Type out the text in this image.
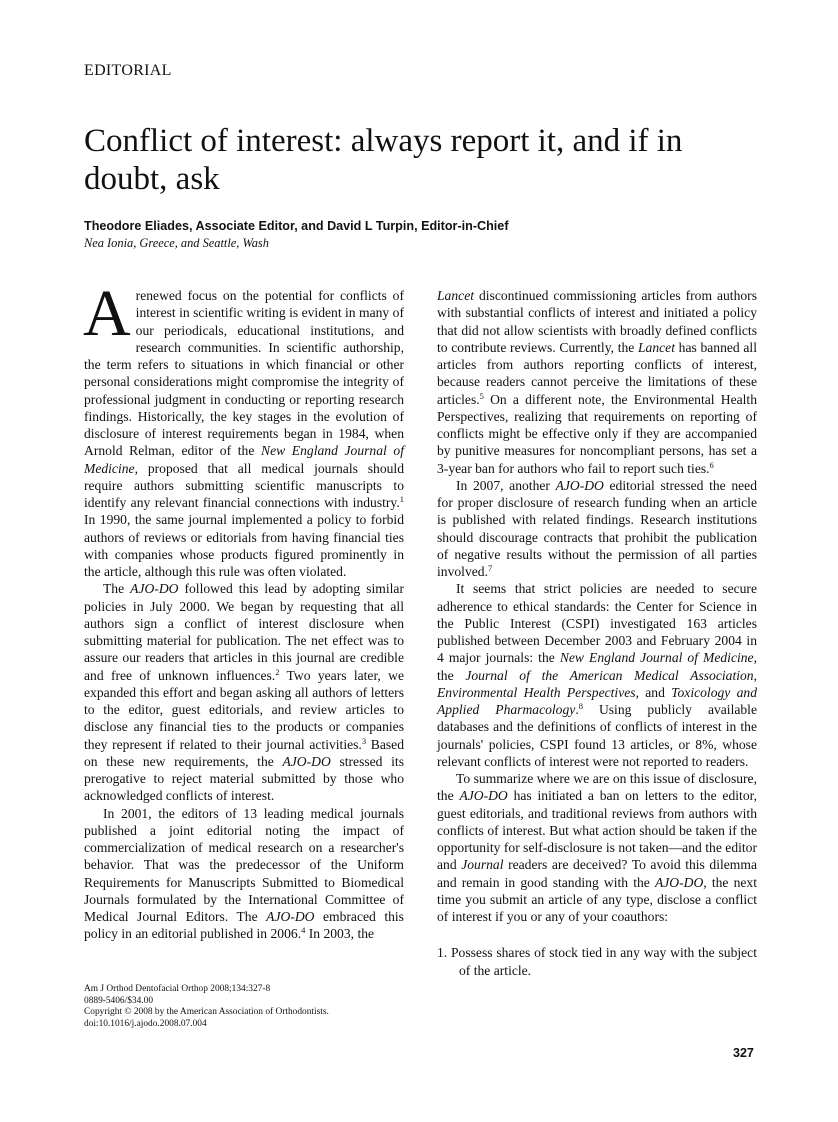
EDITORIAL
Conflict of interest: always report it, and if in doubt, ask
Theodore Eliades, Associate Editor, and David L Turpin, Editor-in-Chief
Nea Ionia, Greece, and Seattle, Wash

Arenewed focus on the potential for conflicts of interest in scientific writing is evident in many of our periodicals, educational institutions, and research communities. In scientific authorship, the term refers to situations in which financial or other personal considerations might compromise the integrity of professional judgment in conducting or reporting research findings. Historically, the key stages in the evolution of disclosure of interest requirements began in 1984, when Arnold Relman, editor of the New England Journal of Medicine, proposed that all medical journals should require authors submitting scientific manuscripts to identify any relevant financial connections with industry.$^1$ In 1990, the same journal implemented a policy to forbid authors of reviews or editorials from having financial ties with companies whose products figured prominently in the article, although this rule was often violated.

The AJO-DO followed this lead by adopting similar policies in July 2000. We began by requesting that all authors sign a conflict of interest disclosure when submitting material for publication. The net effect was to assure our readers that articles in this journal are credible and free of unknown influences.$^2$ Two years later, we expanded this effort and began asking all authors of letters to the editor, guest editorials, and review articles to disclose any financial ties to the products or companies they represent if related to their journal activities.$^3$ Based on these new requirements, the AJO-DO stressed its prerogative to reject material submitted by those who acknowledged conflicts of interest.

In 2001, the editors of 13 leading medical journals published a joint editorial noting the impact of commercialization of medical research on a researcher's behavior. That was the predecessor of the Uniform Requirements for Manuscripts Submitted to Biomedical Journals formulated by the International Committee of Medical Journal Editors. The AJO-DO embraced this policy in an editorial published in 2006.$^4$ In 2003, the

Lancet discontinued commissioning articles from authors with substantial conflicts of interest and initiated a policy that did not allow scientists with broadly defined conflicts to contribute reviews. Currently, the Lancet has banned all articles from authors reporting conflicts of interest, because readers cannot perceive the limitations of these articles.$^5$ On a different note, the Environmental Health Perspectives, realizing that requirements on reporting of conflicts might be effective only if they are accompanied by punitive measures for noncompliant persons, has set a 3-year ban for authors who fail to report such ties.$^6$

In 2007, another AJO-DO editorial stressed the need for proper disclosure of research funding when an article is published with related findings. Research institutions should discourage contracts that prohibit the publication of negative results without the permission of all parties involved.$^7$

It seems that strict policies are needed to secure adherence to ethical standards: the Center for Science in the Public Interest (CSPI) investigated 163 articles published between December 2003 and February 2004 in 4 major journals: the New England Journal of Medicine, the Journal of the American Medical Association, Environmental Health Perspectives, and Toxicology and Applied Pharmacology.$^8$ Using publicly available databases and the definitions of conflicts of interest in the journals' policies, CSPI found 13 articles, or 8%, whose relevant conflicts of interest were not reported to readers.

To summarize where we are on this issue of disclosure, the AJO-DO has initiated a ban on letters to the editor, guest editorials, and traditional reviews from authors with conflicts of interest. But what action should be taken if the opportunity for self-disclosure is not taken—and the editor and Journal readers are deceived? To avoid this dilemma and remain in good standing with the AJO-DO, the next time you submit an article of any type, disclose a conflict of interest if you or any of your coauthors:

1. Possess shares of stock tied in any way with the subject of the article.

Am J Orthod Dentofacial Orthop 2008;134:327-8
0889-5406/$34.00
Copyright © 2008 by the American Association of Orthodontists.
doi:10.1016/j.ajodo.2008.07.004
327
